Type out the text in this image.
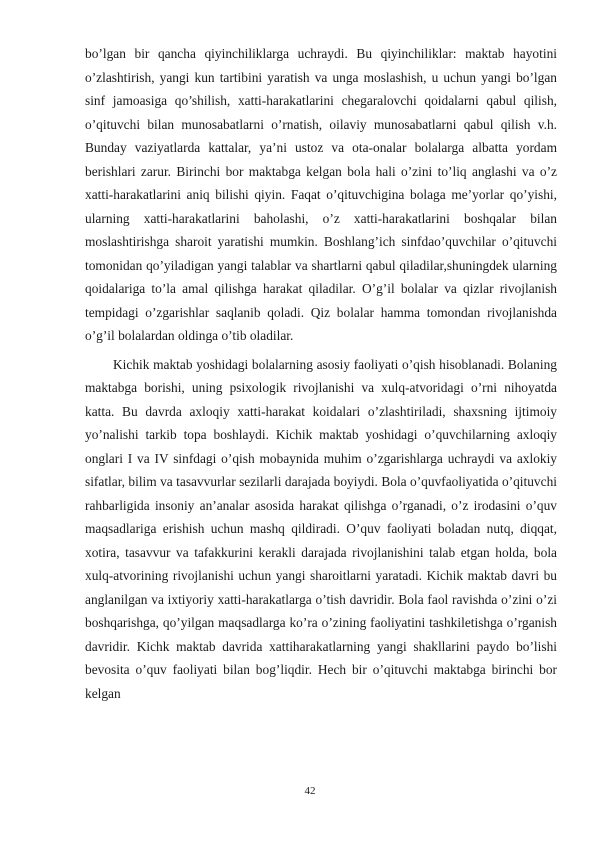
bo’lgan bir qancha qiyinchiliklarga uchraydi. Bu qiyinchiliklar: maktab hayotini o’zlashtirish, yangi kun tartibini yaratish va unga moslashish, u uchun yangi bo’lgan sinf jamoasiga qo’shilish, xatti-harakatlarini chegaralovchi qoidalarni qabul qilish, o’qituvchi bilan munosabatlarni o’rnatish, oilaviy munosabatlarni qabul qilish v.h. Bunday vaziyatlarda kattalar, ya’ni ustoz va ota-onalar bolalarga albatta yordam berishlari zarur. Birinchi bor maktabga kelgan bola hali o’zini to’liq anglashi va o’z xatti-harakatlarini aniq bilishi qiyin. Faqat o’qituvchigina bolaga me’yorlar qo’yishi, ularning xatti-harakatlarini baholashi, o’z xatti-harakatlarini boshqalar bilan moslashtirishga sharoit yaratishi mumkin. Boshlang’ich sinfdao’quvchilar o’qituvchi tomonidan qo’yiladigan yangi talablar va shartlarni qabul qiladilar,shuningdek ularning qoidalariga to’la amal qilishga harakat qiladilar. O’g’il bolalar va qizlar rivojlanish tempidagi o’zgarishlar saqlanib qoladi. Qiz bolalar hamma tomondan rivojlanishda o’g’il bolalardan oldinga o’tib oladilar.

Kichik maktab yoshidagi bolalarning asosiy faoliyati o’qish hisoblanadi. Bolaning maktabga borishi, uning psixologik rivojlanishi va xulq-atvoridagi o’rni nihoyatda katta. Bu davrda axloqiy xatti-harakat koidalari o’zlashtiriladi, shaxsning ijtimoiy yo’nalishi tarkib topa boshlaydi. Kichik maktab yoshidagi o’quvchilarning axloqiy onglari I va IV sinfdagi o’qish mobaynida muhim o’zgarishlarga uchraydi va axlokiy sifatlar, bilim va tasavvurlar sezilarli darajada boyiydi. Bola o’quvfaoliyatida o’qituvchi rahbarligida insoniy an’analar asosida harakat qilishga o’rganadi, o’z irodasini o’quv maqsadlariga erishish uchun mashq qildiradi. O’quv faoliyati boladan nutq, diqqat, xotira, tasavvur va tafakkurini kerakli darajada rivojlanishini talab etgan holda, bola xulq-atvorining rivojlanishi uchun yangi sharoitlarni yaratadi. Kichik maktab davri bu anglanilgan va ixtiyoriy xatti-harakatlarga o’tish davridir. Bola faol ravishda o’zini o’zi boshqarishga, qo’yilgan maqsadlarga ko’ra o’zining faoliyatini tashkiletishga o’rganish davridir. Kichk maktab davrida xattiharakatlarning yangi shakllarini paydo bo’lishi bevosita o’quv faoliyati bilan bog’liqdir. Hech bir o’qituvchi maktabga birinchi bor kelgan

42
